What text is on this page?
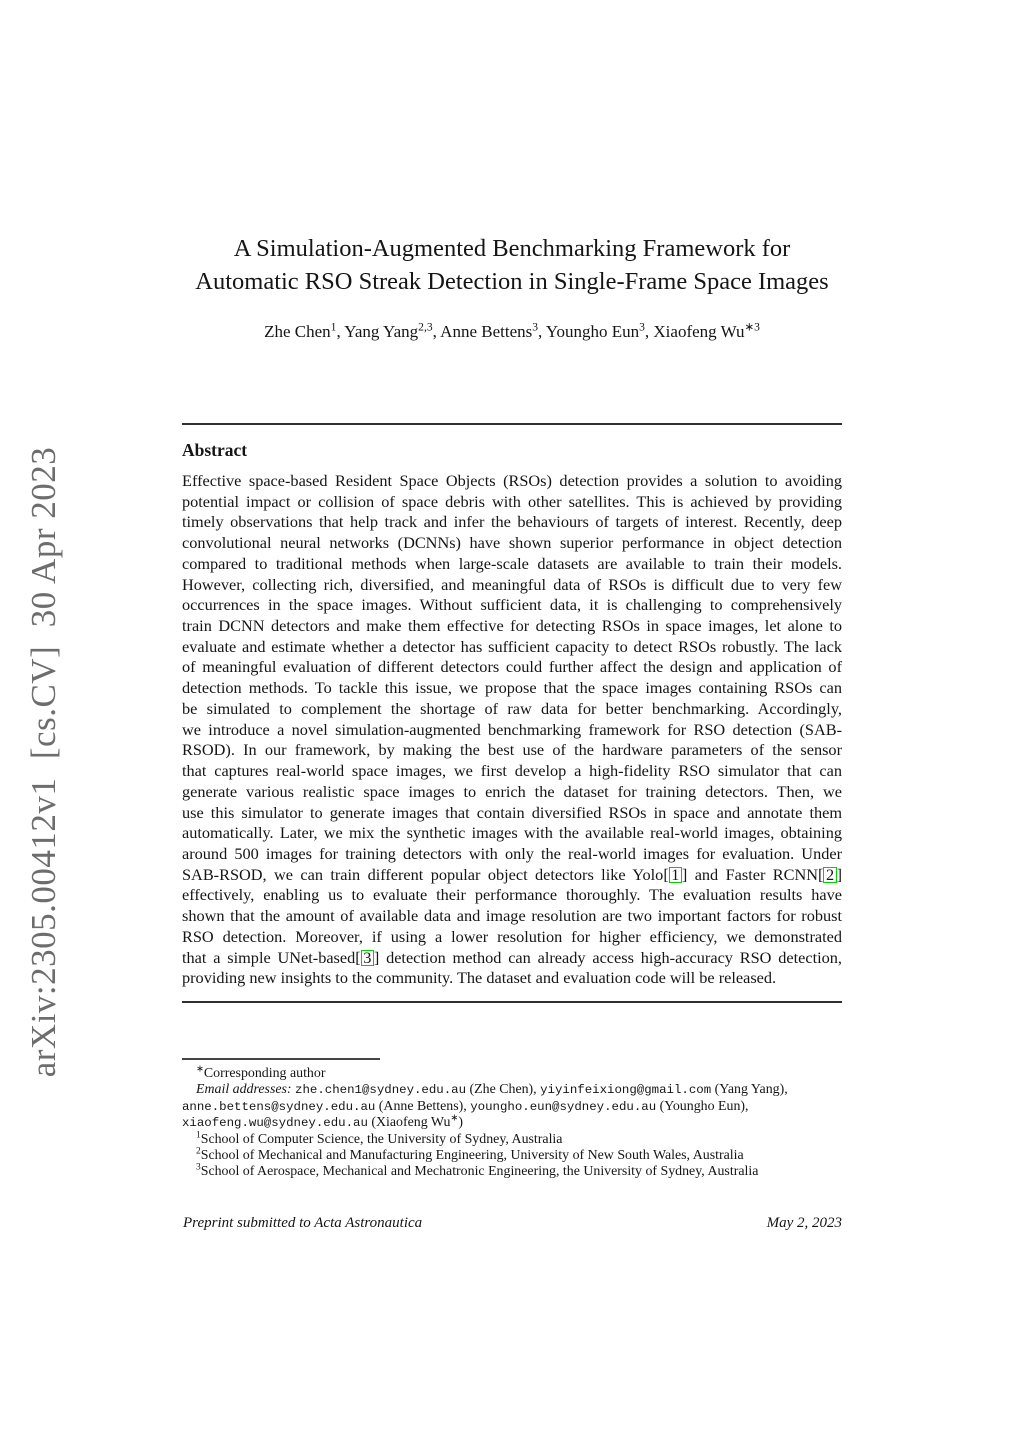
arXiv:2305.00412v1  [cs.CV]  30 Apr 2023
A Simulation-Augmented Benchmarking Framework for
Automatic RSO Streak Detection in Single-Frame Space Images
Zhe Chen$^1$, Yang Yang$^{2,3}$, Anne Bettens$^3$, Youngho Eun$^3$, Xiaofeng $Wu^{∗3}$
Abstract
Effective space-based Resident Space Objects (RSOs) detection provides a solution to avoiding
potential impact or collision of space debris with other satellites. This is achieved by providing
timely observations that help track and infer the behaviours of targets of interest. Recently, deep
convolutional neural networks (DCNNs) have shown superior performance in object detection
compared to traditional methods when large-scale datasets are available to train their models.
However, collecting rich, diversified, and meaningful data of RSOs is difficult due to very few
occurrences in the space images. Without sufficient data, it is challenging to comprehensively
train DCNN detectors and make them effective for detecting RSOs in space images, let alone to
evaluate and estimate whether a detector has sufficient capacity to detect RSOs robustly. The lack
of meaningful evaluation of different detectors could further affect the design and application of
detection methods. To tackle this issue, we propose that the space images containing RSOs can
be simulated to complement the shortage of raw data for better benchmarking. Accordingly,
we introduce a novel simulation-augmented benchmarking framework for RSO detection (SAB-
RSOD). In our framework, by making the best use of the hardware parameters of the sensor
that captures real-world space images, we first develop a high-fidelity RSO simulator that can
generate various realistic space images to enrich the dataset for training detectors. Then, we
use this simulator to generate images that contain diversified RSOs in space and annotate them
automatically. Later, we mix the synthetic images with the available real-world images, obtaining
around 500 images for training detectors with only the real-world images for evaluation. Under
SAB-RSOD, we can train different popular object detectors like Yolo[ 1 ] and Faster RCNN[ 2 ]
effectively, enabling us to evaluate their performance thoroughly. The evaluation results have
shown that the amount of available data and image resolution are two important factors for robust
RSO detection. Moreover, if using a lower resolution for higher efficiency, we demonstrated
that a simple UNet-based[ 3 ] detection method can already access high-accuracy RSO detection,
providing new insights to the community. The dataset and evaluation code will be released.
∗Corresponding author
Email addresses: zhe.chen1@sydney.edu.au (Zhe Chen), yiyinfeixiong@gmail.com (Yang Yang),
anne.bettens@sydney.edu.au (Anne Bettens), youngho.eun@sydney.edu.au (Youngho Eun),
xiaofeng.wu@sydney.edu.au (Xiaofeng Wu∗)
$^1$School of Computer Science, the University of Sydney, Australia
$^2$School of Mechanical and Manufacturing Engineering, University of New South Wales, Australia
$^3$School of Aerospace, Mechanical and Mechatronic Engineering, the University of Sydney, Australia
Preprint submitted to Acta Astronautica	May 2, 2023
